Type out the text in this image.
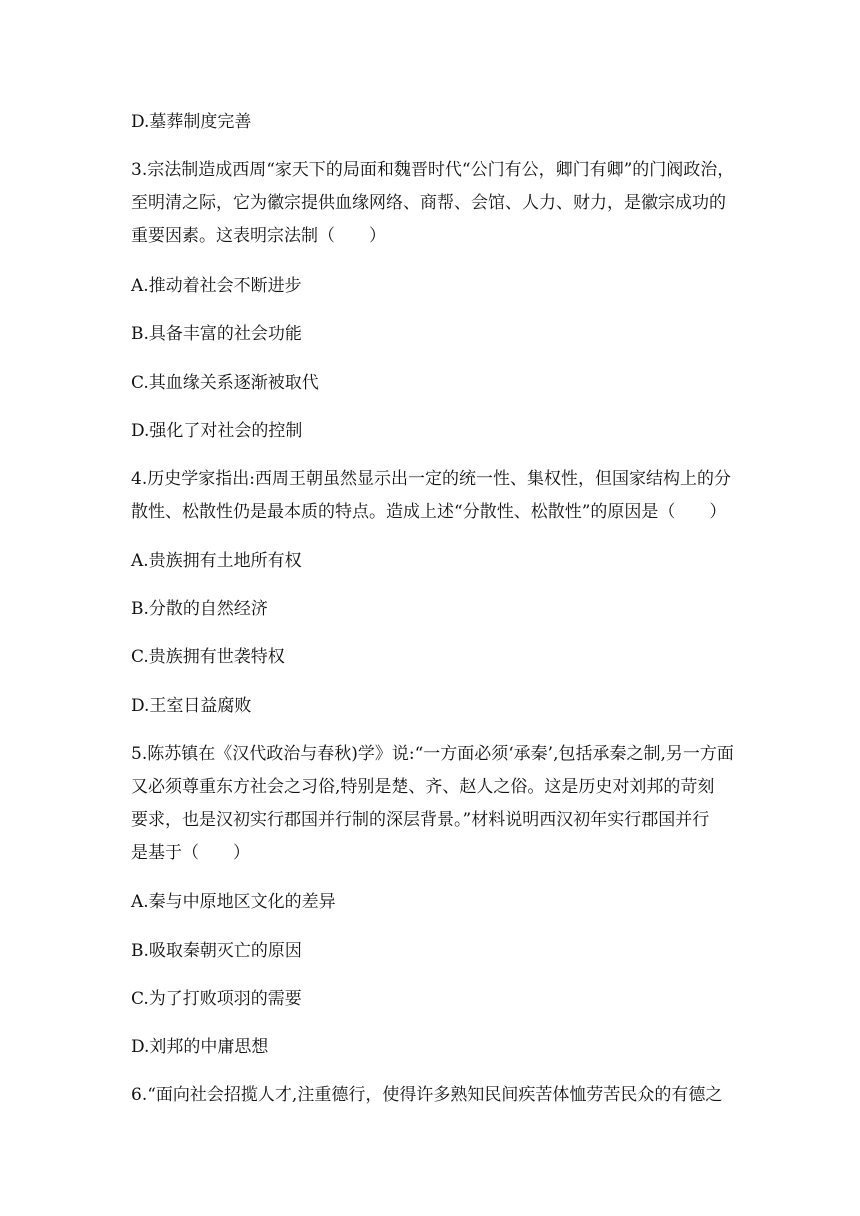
D.墓葬制度完善
3.宗法制造成西周“家天下的局面和魏晋时代“公门有公，卿门有卿”的门阀政治，
至明清之际，它为徽宗提供血缘网络、商帮、会馆、人力、财力，是徽宗成功的
重要因素。这表明宗法制（　　）
A.推动着社会不断进步
B.具备丰富的社会功能
C.其血缘关系逐渐被取代
D.强化了对社会的控制
4.历史学家指出:西周王朝虽然显示出一定的统一性、集权性，但国家结构上的分
散性、松散性仍是最本质的特点。造成上述“分散性、松散性”的原因是（　　）
A.贵族拥有土地所有权
B.分散的自然经济
C.贵族拥有世袭特权
D.王室日益腐败
5.陈苏镇在《汉代政治与春秋)学》说:“一方面必须‘承秦’,包括承秦之制,另一方面
又必须尊重东方社会之习俗,特别是楚、齐、赵人之俗。这是历史对刘邦的苛刻
要求，也是汉初实行郡国并行制的深层背景。”材料说明西汉初年实行郡国并行
是基于（　　）
A.秦与中原地区文化的差异
B.吸取秦朝灭亡的原因
C.为了打败项羽的需要
D.刘邦的中庸思想
6.“面向社会招揽人才,注重德行，使得许多熟知民间疾苦体恤劳苦民众的有德之
